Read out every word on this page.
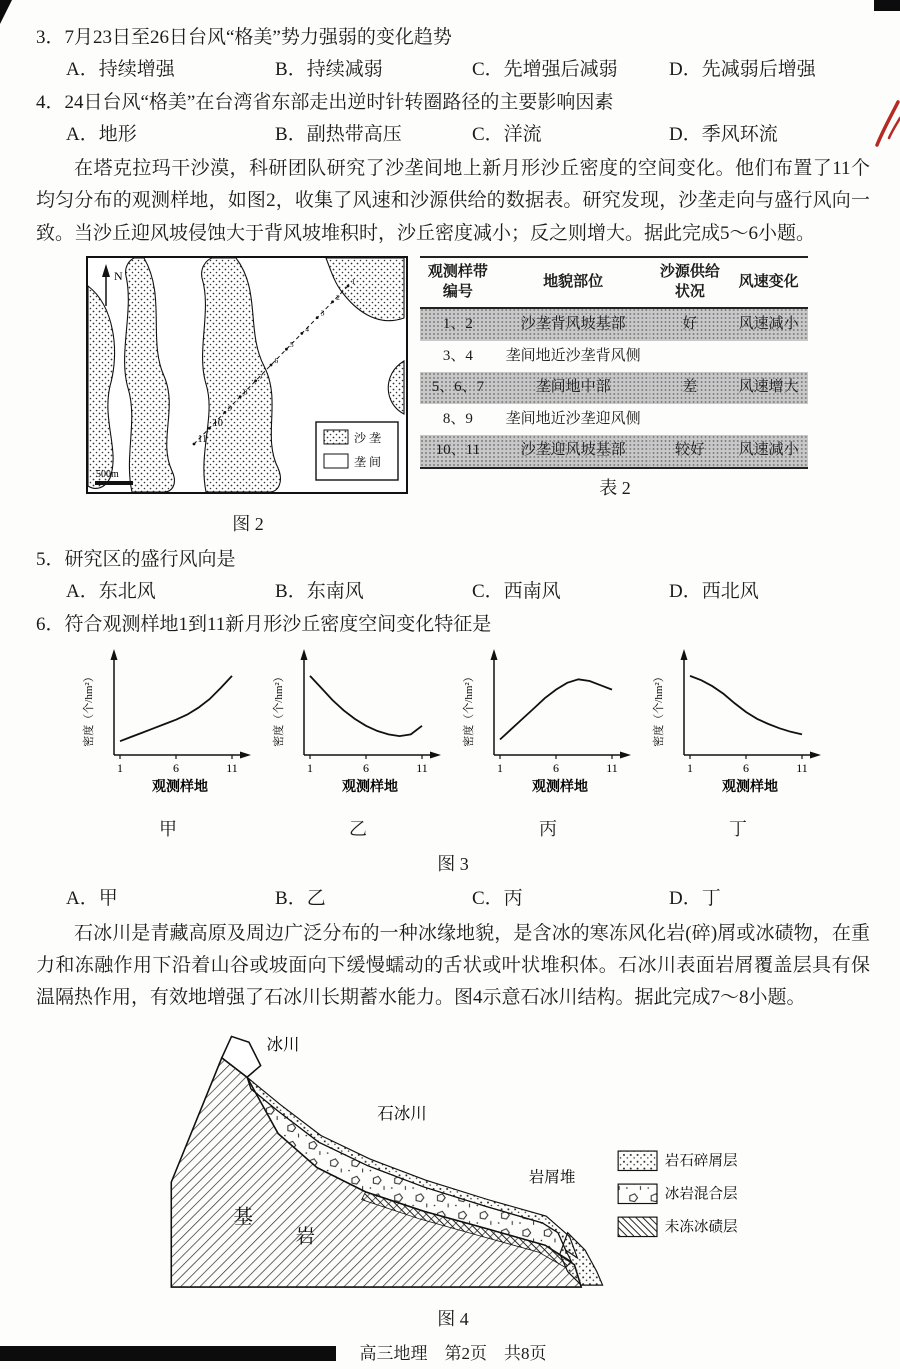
3．7月23日至26日台风“格美”势力强弱的变化趋势

A．持续增强	B．持续减弱	C．先增强后减弱	D．先减弱后增强

4．24日台风“格美”在台湾省东部走出逆时针转圈路径的主要影响因素

A．地形	B．副热带高压	C．洋流	D．季风环流

在塔克拉玛干沙漠，科研团队研究了沙垄间地上新月形沙丘密度的空间变化。他们布置了11个均匀分布的观测样地，如图2，收集了风速和沙源供给的数据表。研究发现，沙垄走向与盛行风向一致。当沙丘迎风坡侵蚀大于背风坡堆积时，沙丘密度减小；反之则增大。据此完成5～6小题。

1
2
3
4
5
6
7
8
9
10
11
N
500m
沙 垄
垄 间
图 2
观测样带编号	地貌部位	沙源供给状况	风速变化
1、2	沙垄背风坡基部	好	风速减小
3、4	垄间地近沙垄背风侧		
5、6、7	垄间地中部	差	风速增大
8、9	垄间地近沙垄迎风侧		
10、11	沙垄迎风坡基部	较好	风速减小
表 2

5．研究区的盛行风向是

A．东北风	B．东南风	C．西南风	D．西北风

6．符合观测样地1到11新月形沙丘密度空间变化特征是

1	6	11
密度（个/hm²）
观测样地
甲
1	6	11
密度（个/hm²）
观测样地
乙
1	6	11
密度（个/hm²）
观测样地
丙
1	6	11
密度（个/hm²）
观测样地
丁
图 3
A．甲	B．乙	C．丙	D．丁

石冰川是青藏高原及周边广泛分布的一种冰缘地貌，是含冰的寒冻风化岩(碎)屑或冰碛物，在重力和冻融作用下沿着山谷或坡面向下缓慢蠕动的舌状或叶状堆积体。石冰川表面岩屑覆盖层具有保温隔热作用，有效地增强了石冰川长期蓄水能力。图4示意石冰川结构。据此完成7～8小题。

冰川
石冰川
岩屑堆
基
岩
岩石碎屑层
冰岩混合层
未冻冰碛层
图 4
高三地理　第2页　共8页
